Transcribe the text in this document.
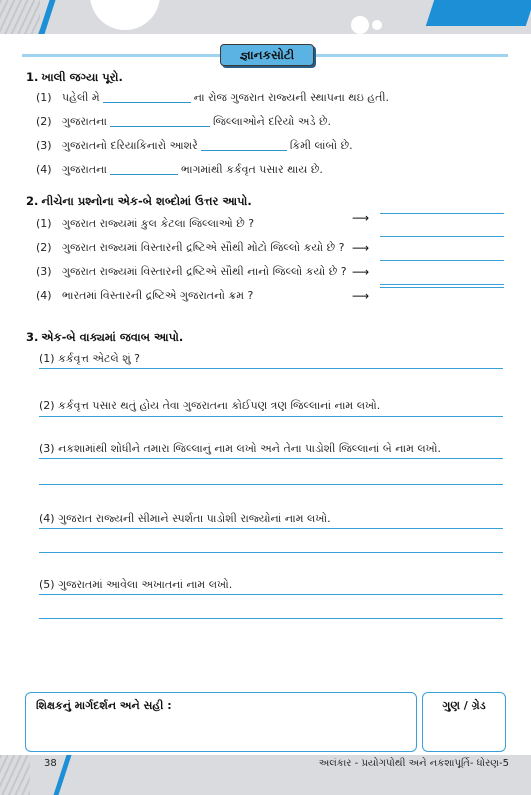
જ્ઞાનકસોટી
1. ખાલી જગ્યા પૂરો.
(1) પહેલી મે	ના રોજ ગુજરાત રાજ્યની સ્થાપના થઇ હતી.
(2) ગુજરાતના	જિલ્લાઓને દરિયો અડે છે.
(3) ગુજરાતનો દરિયાકિનારો આશરે	કિમી લાંબો છે.
(4) ગુજરાતના	ભાગમાંથી કર્કવૃત પસાર થાય છે.
2. નીચેના પ્રશ્નોના એક-બે શબ્દોમાં ઉત્તર આપો.
(1) ગુજરાત રાજ્યમાં કુલ કેટલા જિલ્લાઓ છે ?	⟶
(2) ગુજરાત રાજ્યમાં વિસ્તારની દ્રષ્ટિએ સૌથી મોટો જિલ્લો કયો છે ? ⟶
(3) ગુજરાત રાજ્યમાં વિસ્તારની દ્રષ્ટિએ સૌથી નાનો જિલ્લો કયો છે ? ⟶
(4) ભારતમાં વિસ્તારની દ્રષ્ટિએ ગુજરાતનો ક્રમ ?	⟶
3. એક-બે વાક્યમાં જવાબ આપો.
(1) કર્કવૃત્ત એટલે શું ?
(2) કર્કવૃત્ત પસાર થતું હોય તેવા ગુજરાતના કોઈપણ ત્રણ જિલ્લાનાં નામ લખો.
(3) નકશામાંથી શોધીને તમારા જિલ્લાનું નામ લખો અને તેના પાડોશી જિલ્લાનાં બે નામ લખો.
(4) ગુજરાત રાજ્યની સીમાને સ્પર્શતા પાડોશી રાજ્યોનાં નામ લખો.
(5) ગુજરાતમાં આવેલા અખાતનાં નામ લખો.
શિક્ષકનું માર્ગદર્શન અને સહી :	ગુણ / ગ્રેડ
38	અલંકાર - પ્રયોગપોથી અને નકશાપૂર્તિ- ધોરણ-5
